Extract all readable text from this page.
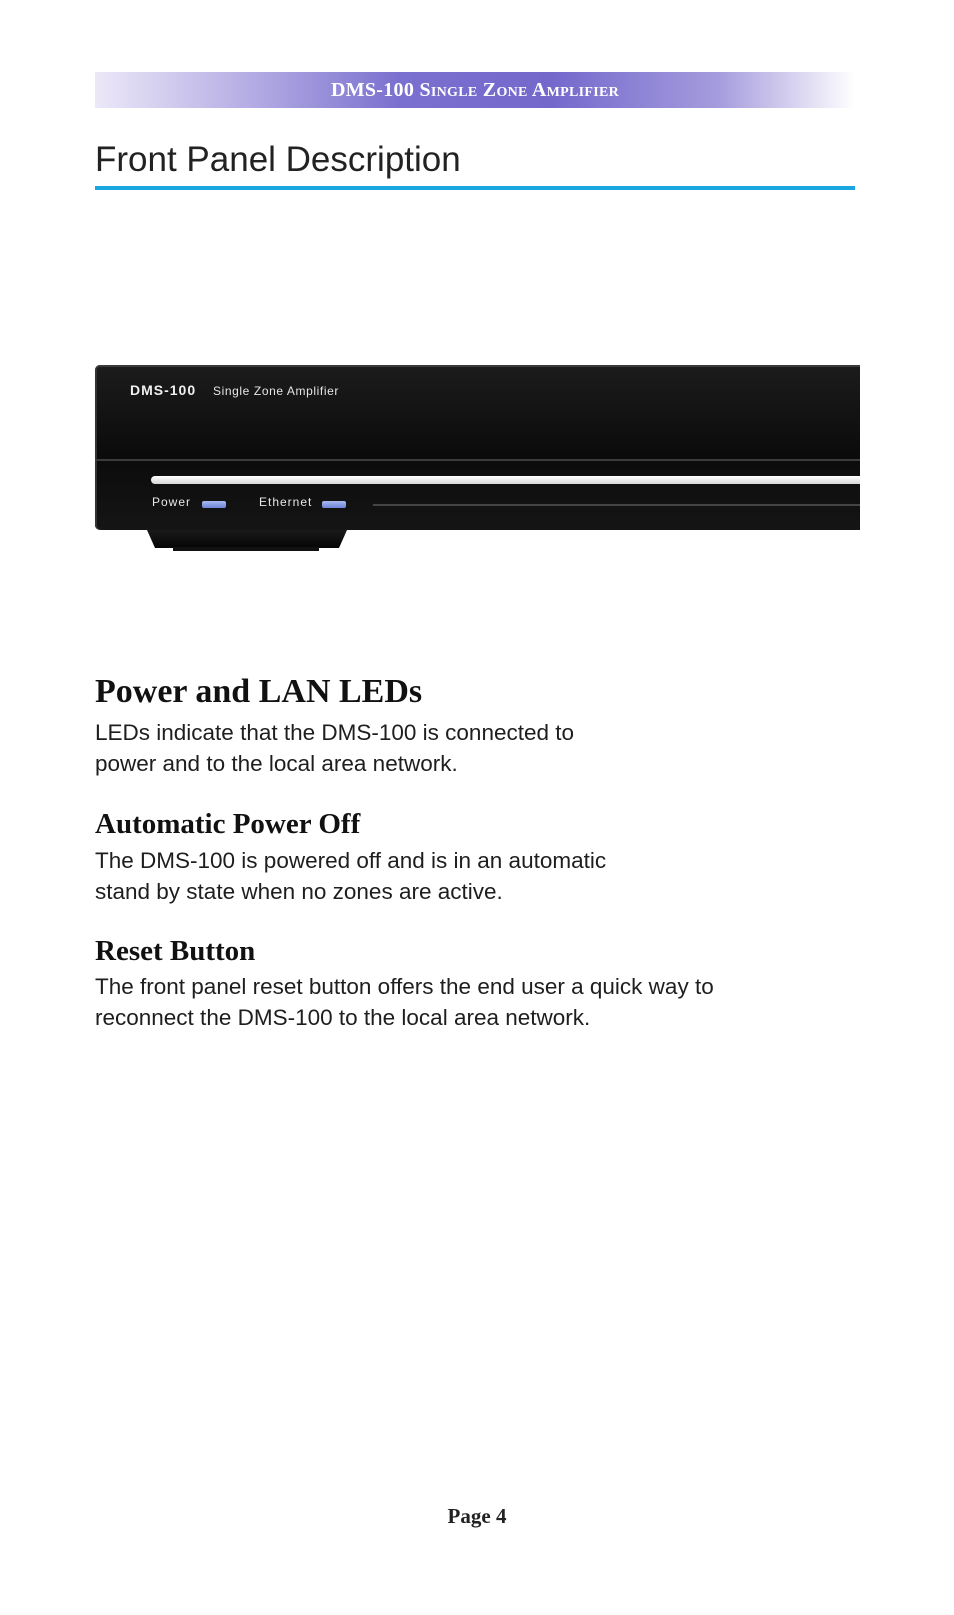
DMS-100 Single Zone Amplifier
Front Panel Description
DMS-100 Single Zone Amplifier
Power	Ethernet
Power and LAN LEDs

LEDs indicate that the DMS-100 is connected to
power and to the local area network.

Automatic Power Off

The DMS-100 is powered off and is in an automatic
stand by state when no zones are active.

Reset Button

The front panel reset button offers the end user a quick way to
reconnect the DMS-100 to the local area network.

Page 4
